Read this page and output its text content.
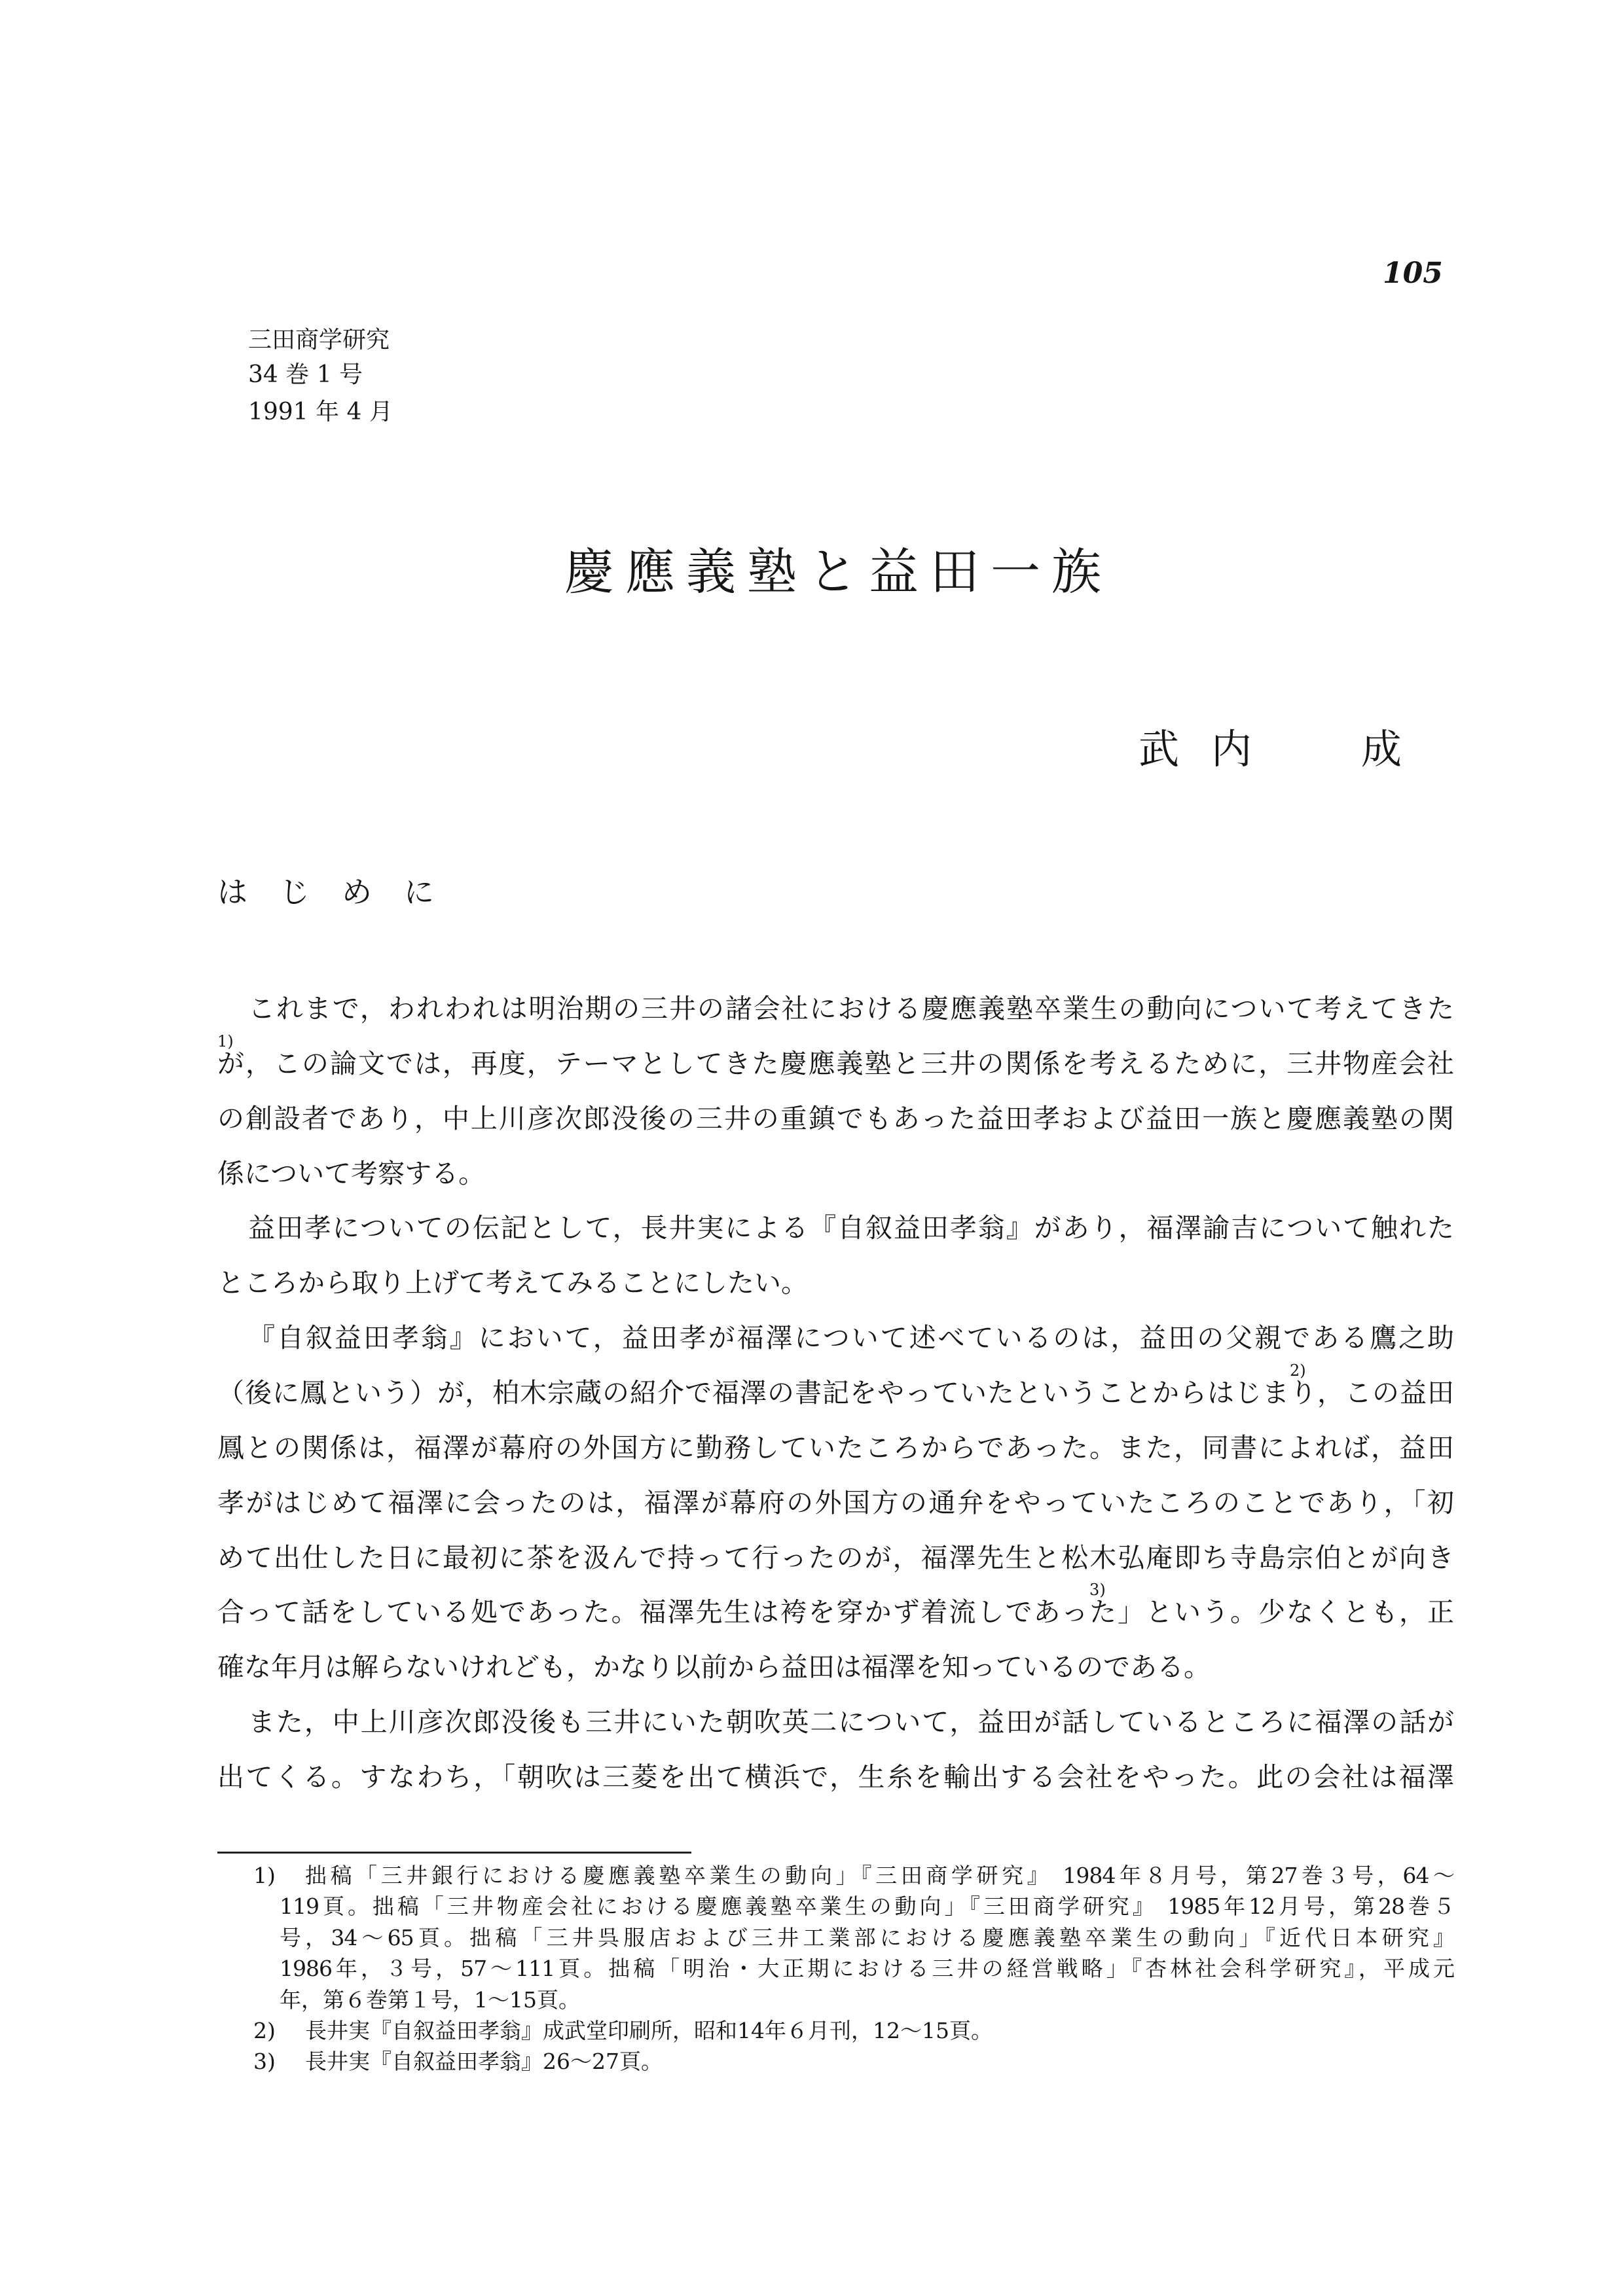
105
三田商学研究
34 巻 1 号
1991 年 4 月
慶應義塾と益田一族
武内 成
はじめに
これまで，われわれは明治期の三井の諸会社における慶應義塾卒業生の動向について考えてきた
が
1)
，この論文では，再度，テーマとしてきた慶應義塾と三井の関係を考えるために，三井物産会社
の創設者であり，中上川彦次郎没後の三井の重鎮でもあった益田孝および益田一族と慶應義塾の関
係について考察する。
益田孝についての伝記として，長井実による『自叙益田孝翁』があり，福澤諭吉について触れた
ところから取り上げて考えてみることにしたい。
『自叙益田孝翁』において，益田孝が福澤について述べているのは，益田の父親である鷹之助
（後に鳳という）が，柏木宗蔵の紹介で福澤の書記をやっていたということからはじまり
2)
，この益田
鳳との関係は，福澤が幕府の外国方に勤務していたころからであった。また，同書によれば，益田
孝がはじめて福澤に会ったのは，福澤が幕府の外国方の通弁をやっていたころのことであり，「初
めて出仕した日に最初に茶を汲んで持って行ったのが，福澤先生と松木弘庵即ち寺島宗伯とが向き
合って話をしている処であった。福澤先生は袴を穿かず着流しであった
3)
」という。少なくとも，正
確な年月は解らないけれども，かなり以前から益田は福澤を知っているのである。
また，中上川彦次郎没後も三井にいた朝吹英二について，益田が話しているところに福澤の話が
出てくる。すなわち，「朝吹は三菱を出て横浜で，生糸を輸出する会社をやった。此の会社は福澤
1) 拙稿「三井銀行における慶應義塾卒業生の動向」『三田商学研究』 1984年８月号，第27巻３号，64〜
119頁。拙稿「三井物産会社における慶應義塾卒業生の動向」『三田商学研究』 1985年12月号，第28巻５
号，34〜65頁。拙稿「三井呉服店および三井工業部における慶應義塾卒業生の動向」『近代日本研究』
1986年，３号，57〜111頁。拙稿「明治・大正期における三井の経営戦略」『杏林社会科学研究』，平成元
年，第６巻第１号，1〜15頁。
2) 長井実『自叙益田孝翁』成武堂印刷所，昭和14年６月刊，12〜15頁。
3) 長井実『自叙益田孝翁』26〜27頁。
